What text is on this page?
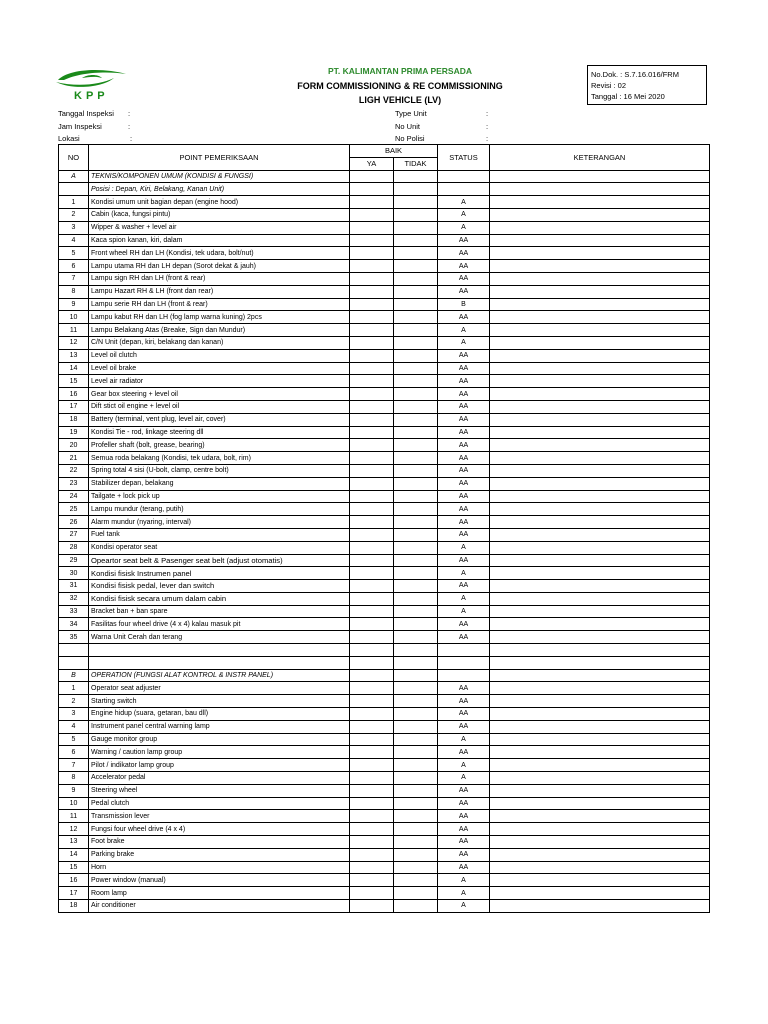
KPP
PT. KALIMANTAN PRIMA PERSADA
FORM COMMISSIONING & RE COMMISSIONING
LIGH VEHICLE (LV)
No.Dok. : S.7.16.016/FRM
Revisi : 02
Tanggal : 16 Mei 2020
Tanggal Inspeksi :
Jam Inspeksi	:
Lokasi	:
Type Unit	:
No Unit	:
No Polisi	:
NO	POINT PEMERIKSAAN	BAIK		STATUS	KETERANGAN
		YA	TIDAK		
A	TEKNIS/KOMPONEN UMUM (KONDISI & FUNGSI)				
	Posisi : Depan, Kiri, Belakang, Kanan Unit)				
1	Kondisi umum unit bagian depan (engine hood)			A	
2	Cabin (kaca, fungsi pintu)			A	
3	Wipper & washer + level air			A	
4	Kaca spion kanan, kiri, dalam			AA	
5	Front wheel RH dan LH (Kondisi, tek udara, bolt/nut)			AA	
6	Lampu utama RH dan LH depan (Sorot dekat & jauh)			AA	
7	Lampu sign RH dan LH (front & rear)			AA	
8	Lampu Hazart RH & LH (front dan rear)			AA	
9	Lampu serie RH dan LH (front & rear)			B	
10	Lampu kabut RH dan LH (fog lamp warna kuning) 2pcs			AA	
11	Lampu Belakang Atas (Breake, Sign dan Mundur)			A	
12	C/N Unit (depan, kiri, belakang dan kanan)			A	
13	Level oil clutch			AA	
14	Level oil brake			AA	
15	Level air radiator			AA	
16	Gear box steering + level oil			AA	
17	Dift stict oil engine + level oil			AA	
18	Battery (terminal, vent plug, level air, cover)			AA	
19	Kondisi Tie - rod, linkage steering dll			AA	
20	Profeller shaft (bolt, grease, bearing)			AA	
21	Semua roda belakang (Kondisi, tek udara, bolt, rim)			AA	
22	Spring total 4 sisi (U-bolt, clamp, centre bolt)			AA	
23	Stabilizer depan, belakang			AA	
24	Tailgate + lock pick up			AA	
25	Lampu mundur (terang, putih)			AA	
26	Alarm mundur (nyaring, interval)			AA	
27	Fuel tank			AA	
28	Kondisi operator seat			A	
29	Opeartor seat belt & Pasenger seat belt (adjust otomatis)			AA	
30	Kondisi fisisk Instrumen panel			A	
31	Kondisi fisisk pedal, lever dan switch			AA	
32	Kondisi fisisk secara umum dalam cabin			A	
33	Bracket ban + ban spare			A	
34	Fasilitas four wheel drive (4 x 4) kalau masuk pit			AA	
35	Warna Unit Cerah dan terang			AA	

B	OPERATION (FUNGSI ALAT KONTROL & INSTR PANEL)				
1	Operator seat adjuster			AA	
2	Starting switch			AA	
3	Engine hidup (suara, getaran, bau dll)			AA	
4	Instrument panel central warning lamp			AA	
5	Gauge monitor group			A	
6	Warning / caution lamp group			AA	
7	Pilot / indikator lamp group			A	
8	Accelerator pedal			A	
9	Steering wheel			AA	
10	Pedal clutch			AA	
11	Transmission lever			AA	
12	Fungsi four wheel drive (4 x 4)			AA	
13	Foot brake			AA	
14	Parking brake			AA	
15	Horn			AA	
16	Power window (manual)			A	
17	Room lamp			A	
18	Air conditioner			A	
